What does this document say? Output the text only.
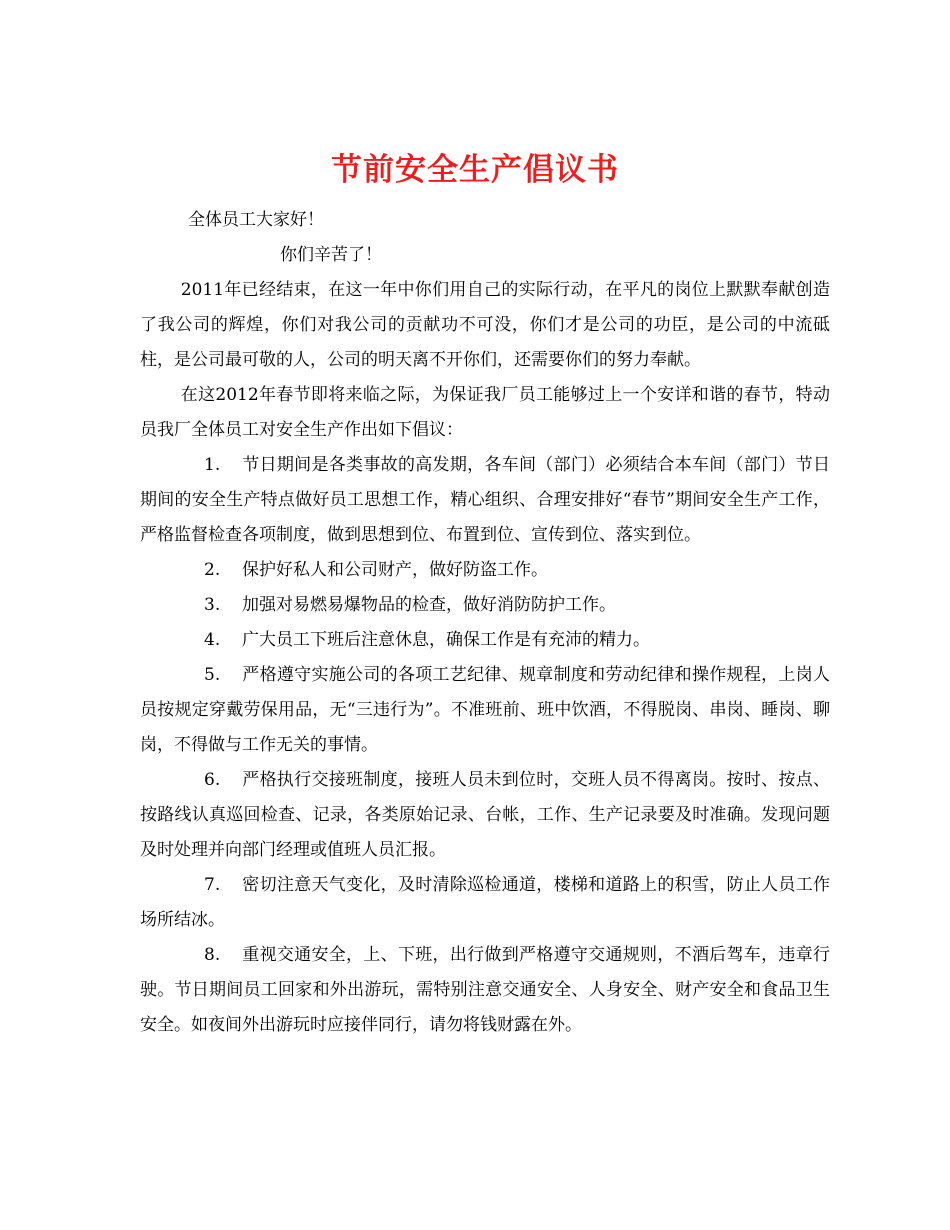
节前安全生产倡议书
全体员工大家好！
你们辛苦了！
2011年已经结束，在这一年中你们用自己的实际行动，在平凡的岗位上默默奉献创造了我公司的辉煌，你们对我公司的贡献功不可没，你们才是公司的功臣，是公司的中流砥柱，是公司最可敬的人，公司的明天离不开你们，还需要你们的努力奉献。
在这2012年春节即将来临之际，为保证我厂员工能够过上一个安详和谐的春节，特动员我厂全体员工对安全生产作出如下倡议：
1. 节日期间是各类事故的高发期，各车间（部门）必须结合本车间（部门）节日期间的安全生产特点做好员工思想工作，精心组织、合理安排好“春节”期间安全生产工作，严格监督检查各项制度，做到思想到位、布置到位、宣传到位、落实到位。
2. 保护好私人和公司财产，做好防盗工作。
3. 加强对易燃易爆物品的检查，做好消防防护工作。
4. 广大员工下班后注意休息，确保工作是有充沛的精力。
5. 严格遵守实施公司的各项工艺纪律、规章制度和劳动纪律和操作规程，上岗人员按规定穿戴劳保用品，无“三违行为”。不准班前、班中饮酒，不得脱岗、串岗、睡岗、聊岗，不得做与工作无关的事情。
6. 严格执行交接班制度，接班人员未到位时，交班人员不得离岗。按时、按点、按路线认真巡回检查、记录，各类原始记录、台帐，工作、生产记录要及时准确。发现问题及时处理并向部门经理或值班人员汇报。
7. 密切注意天气变化，及时清除巡检通道，楼梯和道路上的积雪，防止人员工作场所结冰。
8. 重视交通安全，上、下班，出行做到严格遵守交通规则，不酒后驾车，违章行驶。节日期间员工回家和外出游玩，需特别注意交通安全、人身安全、财产安全和食品卫生安全。如夜间外出游玩时应接伴同行，请勿将钱财露在外。
